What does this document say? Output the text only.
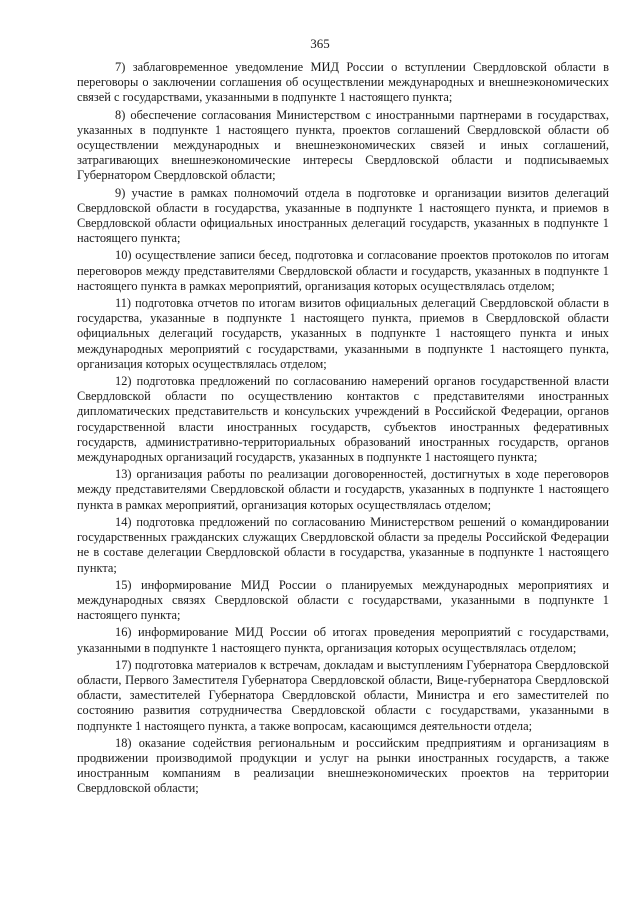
365

7) заблаговременное уведомление МИД России о вступлении Свердловской области в переговоры о заключении соглашения об осуществлении международных и внешнеэкономических связей с государствами, указанными в подпункте 1 настоящего пункта;

8) обеспечение согласования Министерством с иностранными партнерами в государствах, указанных в подпункте 1 настоящего пункта, проектов соглашений Свердловской области об осуществлении международных и внешнеэкономических связей и иных соглашений, затрагивающих внешнеэкономические интересы Свердловской области и подписываемых Губернатором Свердловской области;

9) участие в рамках полномочий отдела в подготовке и организации визитов делегаций Свердловской области в государства, указанные в подпункте 1 настоящего пункта, и приемов в Свердловской области официальных иностранных делегаций государств, указанных в подпункте 1 настоящего пункта;

10) осуществление записи бесед, подготовка и согласование проектов протоколов по итогам переговоров между представителями Свердловской области и государств, указанных в подпункте 1 настоящего пункта в рамках мероприятий, организация которых осуществлялась отделом;

11) подготовка отчетов по итогам визитов официальных делегаций Свердловской области в государства, указанные в подпункте 1 настоящего пункта, приемов в Свердловской области официальных делегаций государств, указанных в подпункте 1 настоящего пункта и иных международных мероприятий с государствами, указанными в подпункте 1 настоящего пункта, организация которых осуществлялась отделом;

12) подготовка предложений по согласованию намерений органов государственной власти Свердловской области по осуществлению контактов с представителями иностранных дипломатических представительств и консульских учреждений в Российской Федерации, органов государственной власти иностранных государств, субъектов иностранных федеративных государств, административно-территориальных образований иностранных государств, органов международных организаций государств, указанных в подпункте 1 настоящего пункта;

13) организация работы по реализации договоренностей, достигнутых в ходе переговоров между представителями Свердловской области и государств, указанных в подпункте 1 настоящего пункта в рамках мероприятий, организация которых осуществлялась отделом;

14) подготовка предложений по согласованию Министерством решений о командировании государственных гражданских служащих Свердловской области за пределы Российской Федерации не в составе делегации Свердловской области в государства, указанные в подпункте 1 настоящего пункта;

15) информирование МИД России о планируемых международных мероприятиях и международных связях Свердловской области с государствами, указанными в подпункте 1 настоящего пункта;

16) информирование МИД России об итогах проведения мероприятий с государствами, указанными в подпункте 1 настоящего пункта, организация которых осуществлялась отделом;

17) подготовка материалов к встречам, докладам и выступлениям Губернатора Свердловской области, Первого Заместителя Губернатора Свердловской области, Вице-губернатора Свердловской области, заместителей Губернатора Свердловской области, Министра и его заместителей по состоянию развития сотрудничества Свердловской области с государствами, указанными в подпункте 1 настоящего пункта, а также вопросам, касающимся деятельности отдела;

18) оказание содействия региональным и российским предприятиям и организациям в продвижении производимой продукции и услуг на рынки иностранных государств, а также иностранным компаниям в реализации внешнеэкономических проектов на территории Свердловской области;
